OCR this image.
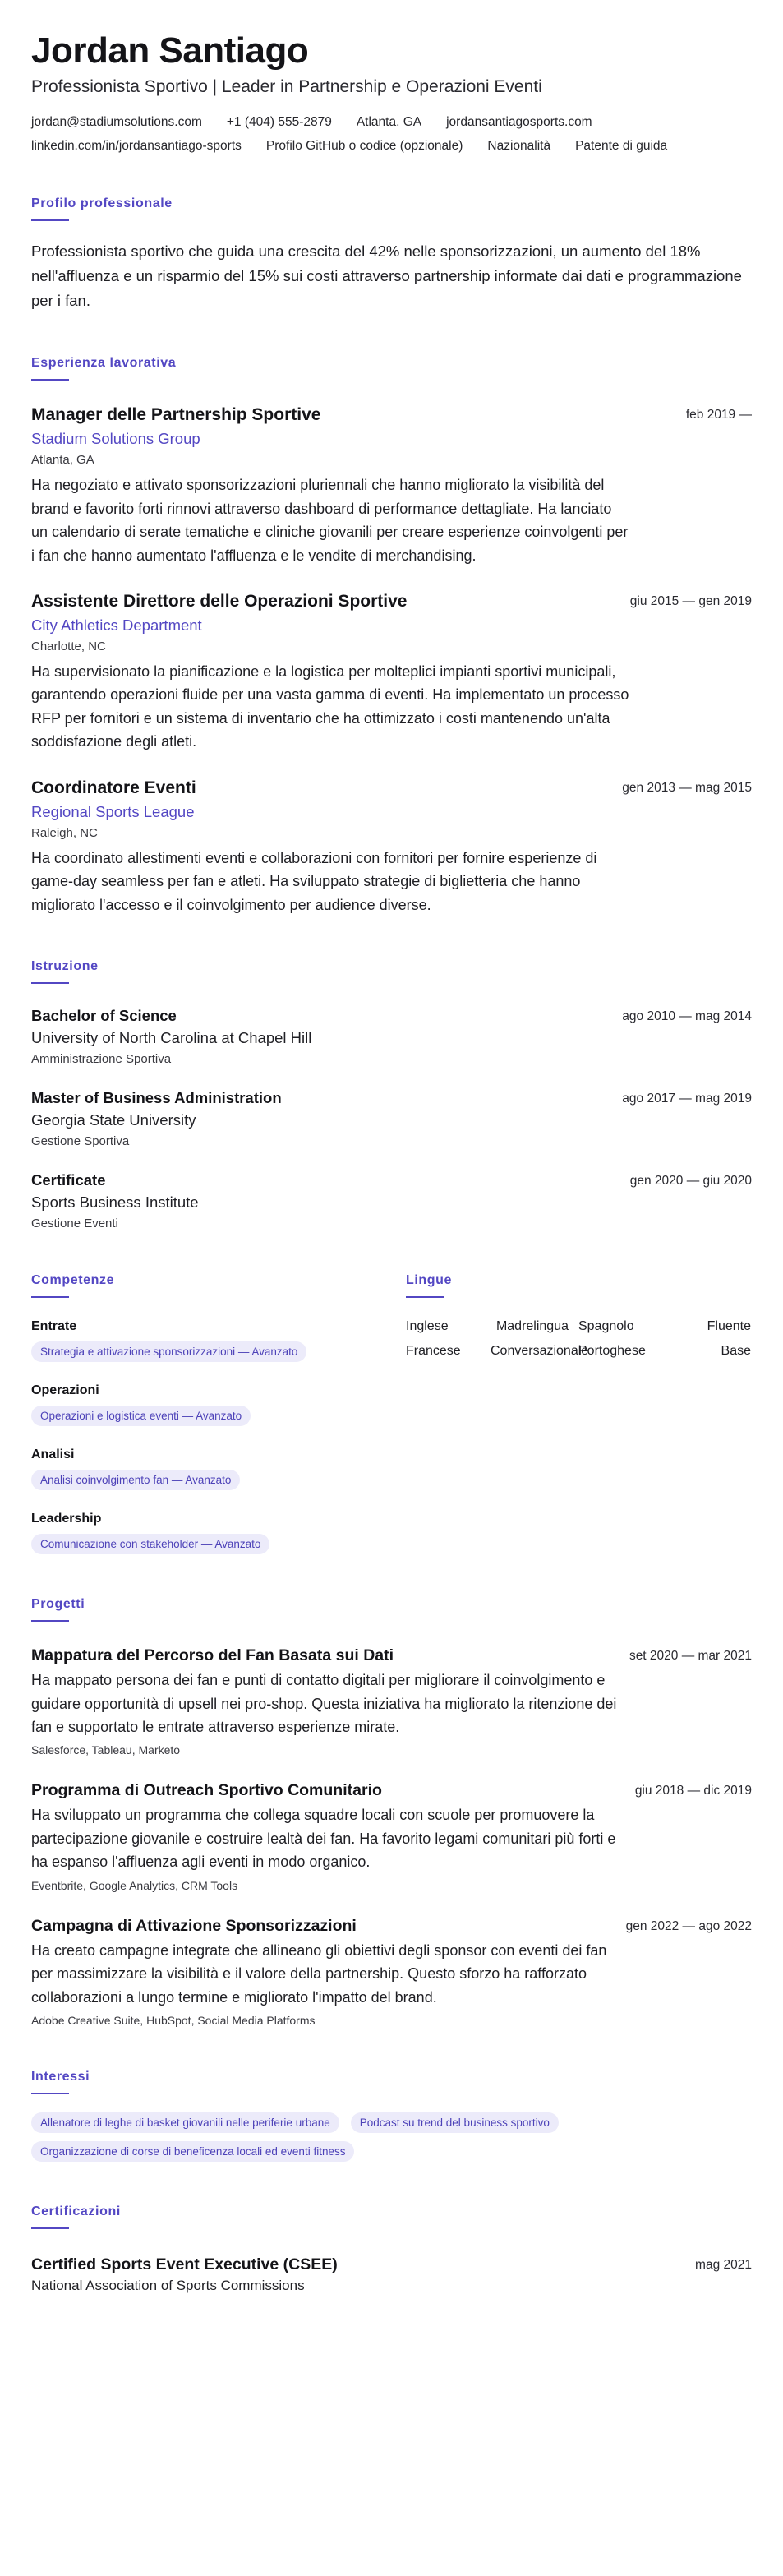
Jordan Santiago
Professionista Sportivo | Leader in Partnership e Operazioni Eventi
jordan@stadiumsolutions.com +1 (404) 555-2879 Atlanta, GA jordansantiagosports.com
linkedin.com/in/jordansantiago-sports Profilo GitHub o codice (opzionale) Nazionalità Patente di guida
Profilo professionale

Professionista sportivo che guida una crescita del 42% nelle sponsorizzazioni, un aumento del 18% nell'affluenza e un risparmio del 15% sui costi attraverso partnership informate dai dati e programmazione per i fan.

Esperienza lavorativa
Manager delle Partnership Sportive	feb 2019 —
Stadium Solutions Group
Atlanta, GA

Ha negoziato e attivato sponsorizzazioni pluriennali che hanno migliorato la visibilità del brand e favorito forti rinnovi attraverso dashboard di performance dettagliate. Ha lanciato un calendario di serate tematiche e cliniche giovanili per creare esperienze coinvolgenti per i fan che hanno aumentato l'affluenza e le vendite di merchandising.

Assistente Direttore delle Operazioni Sportive	giu 2015 — gen 2019
City Athletics Department
Charlotte, NC

Ha supervisionato la pianificazione e la logistica per molteplici impianti sportivi municipali, garantendo operazioni fluide per una vasta gamma di eventi. Ha implementato un processo RFP per fornitori e un sistema di inventario che ha ottimizzato i costi mantenendo un'alta soddisfazione degli atleti.

Coordinatore Eventi	gen 2013 — mag 2015
Regional Sports League
Raleigh, NC

Ha coordinato allestimenti eventi e collaborazioni con fornitori per fornire esperienze di game-day seamless per fan e atleti. Ha sviluppato strategie di biglietteria che hanno migliorato l'accesso e il coinvolgimento per audience diverse.

Istruzione
Bachelor of Science	ago 2010 — mag 2014
University of North Carolina at Chapel Hill
Amministrazione Sportiva
Master of Business Administration	ago 2017 — mag 2019
Georgia State University
Gestione Sportiva
Certificate	gen 2020 — giu 2020
Sports Business Institute
Gestione Eventi
Competenze
Entrate
Strategia e attivazione sponsorizzazioni — Avanzato
Operazioni
Operazioni e logistica eventi — Avanzato
Analisi
Analisi coinvolgimento fan — Avanzato
Leadership
Comunicazione con stakeholder — Avanzato
Lingue
Inglese	Madrelingua Spagnolo	Fluente
Francese	Conversazionale
Portoghese	Base
Progetti
Mappatura del Percorso del Fan Basata sui Dati	set 2020 — mar 2021

Ha mappato persona dei fan e punti di contatto digitali per migliorare il coinvolgimento e guidare opportunità di upsell nei pro-shop. Questa iniziativa ha migliorato la ritenzione dei fan e supportato le entrate attraverso esperienze mirate.

Salesforce, Tableau, Marketo
Programma di Outreach Sportivo Comunitario	giu 2018 — dic 2019

Ha sviluppato un programma che collega squadre locali con scuole per promuovere la partecipazione giovanile e costruire lealtà dei fan. Ha favorito legami comunitari più forti e ha espanso l'affluenza agli eventi in modo organico.

Eventbrite, Google Analytics, CRM Tools
Campagna di Attivazione Sponsorizzazioni	gen 2022 — ago 2022

Ha creato campagne integrate che allineano gli obiettivi degli sponsor con eventi dei fan per massimizzare la visibilità e il valore della partnership. Questo sforzo ha rafforzato collaborazioni a lungo termine e migliorato l'impatto del brand.

Adobe Creative Suite, HubSpot, Social Media Platforms
Interessi
Allenatore di leghe di basket giovanili nelle periferie urbane	Podcast su trend del business sportivo
Organizzazione di corse di beneficenza locali ed eventi fitness
Certificazioni
Certified Sports Event Executive (CSEE)	mag 2021
National Association of Sports Commissions
